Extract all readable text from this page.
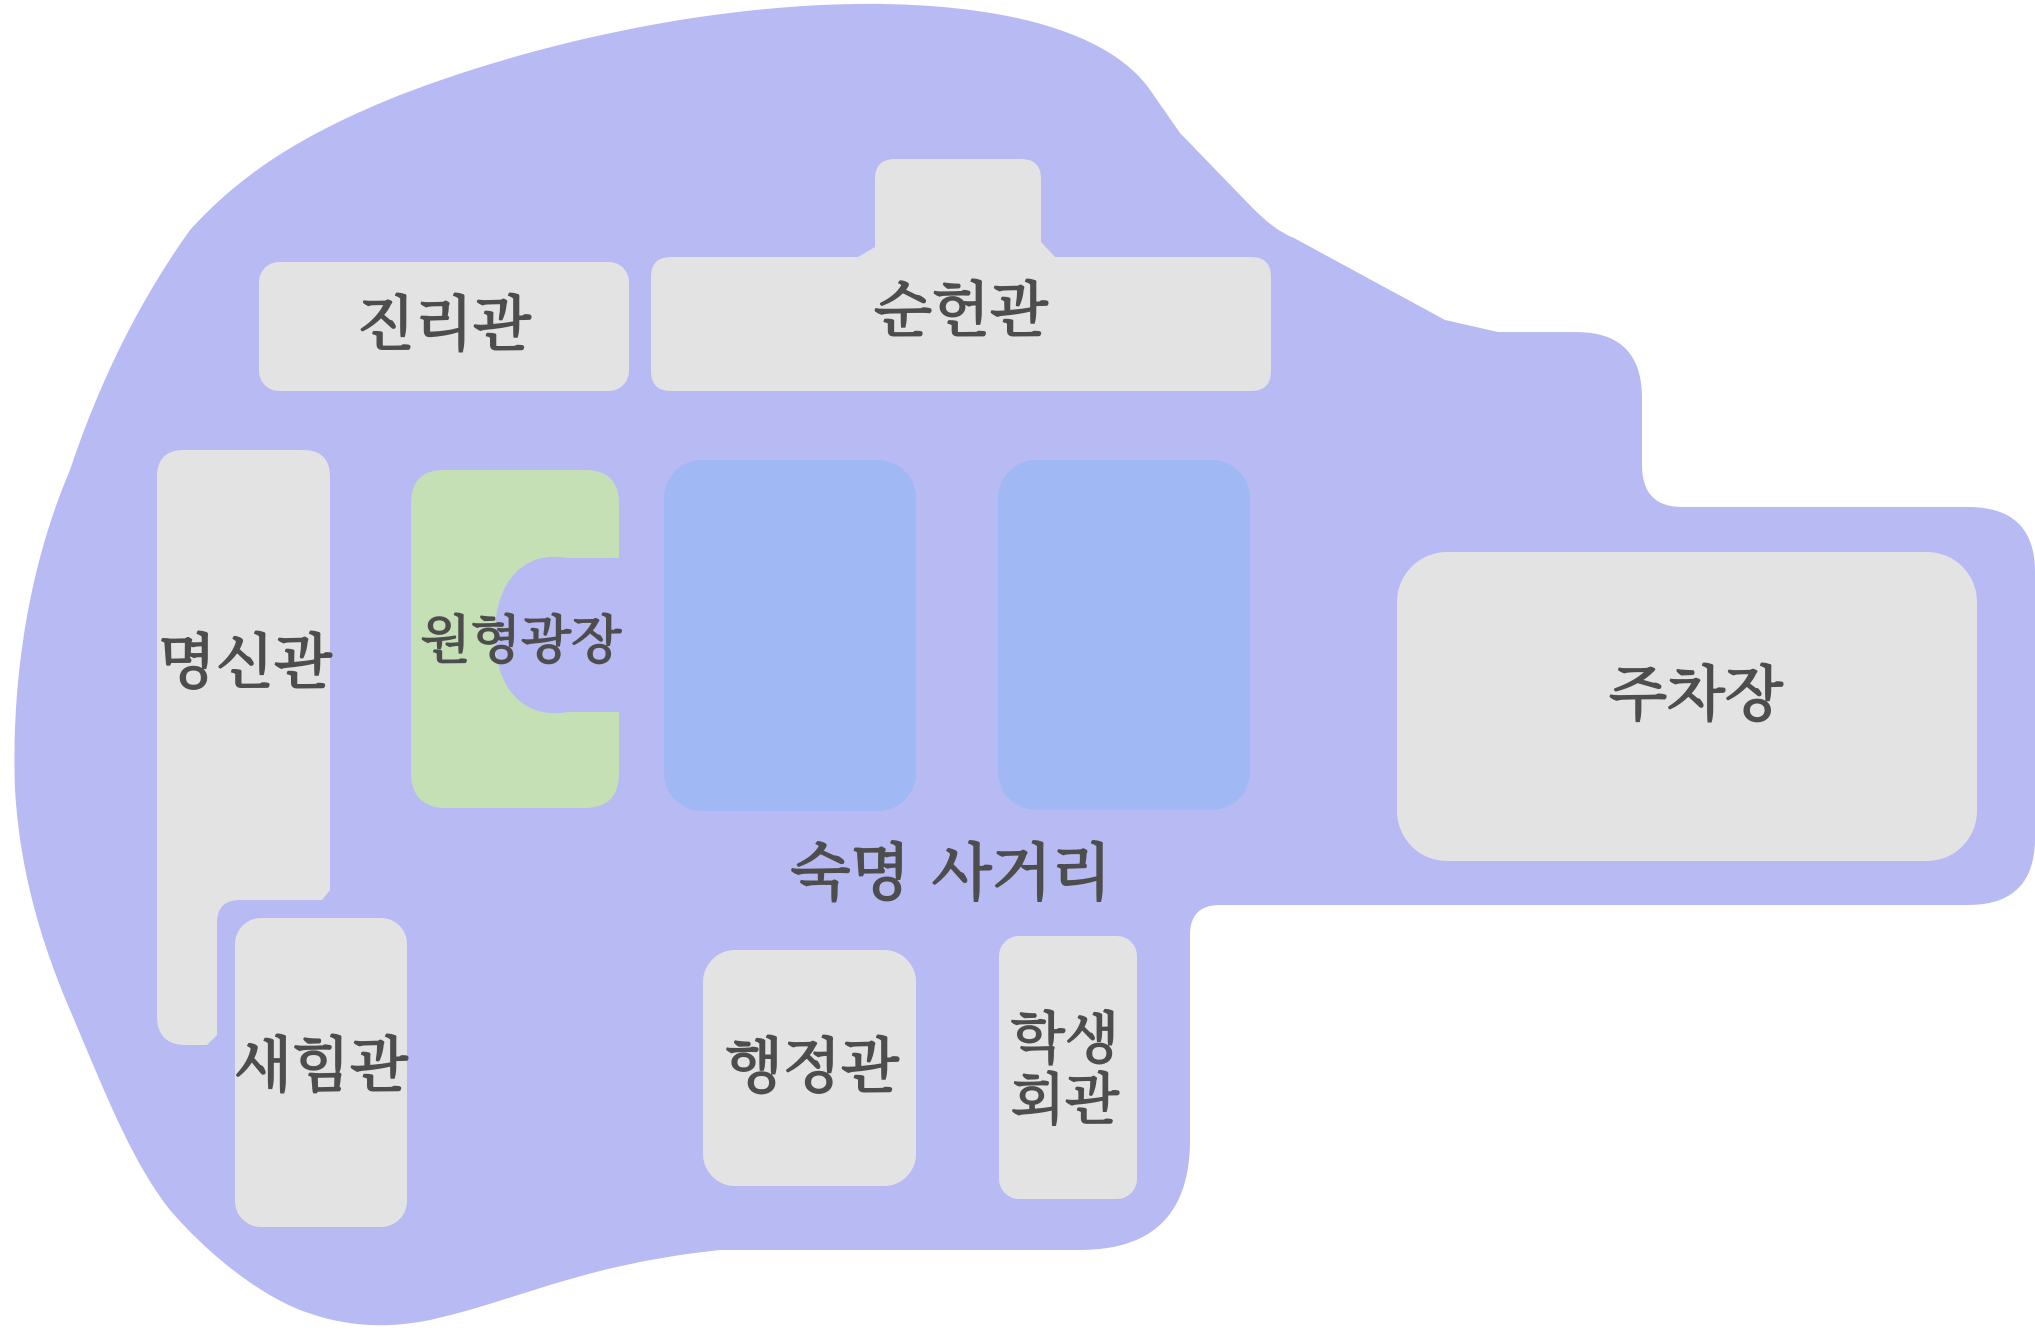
진리관	순헌관
명신관 원형광장
주차장
숙명 사거리
새힘관	행정관 학생
회관
